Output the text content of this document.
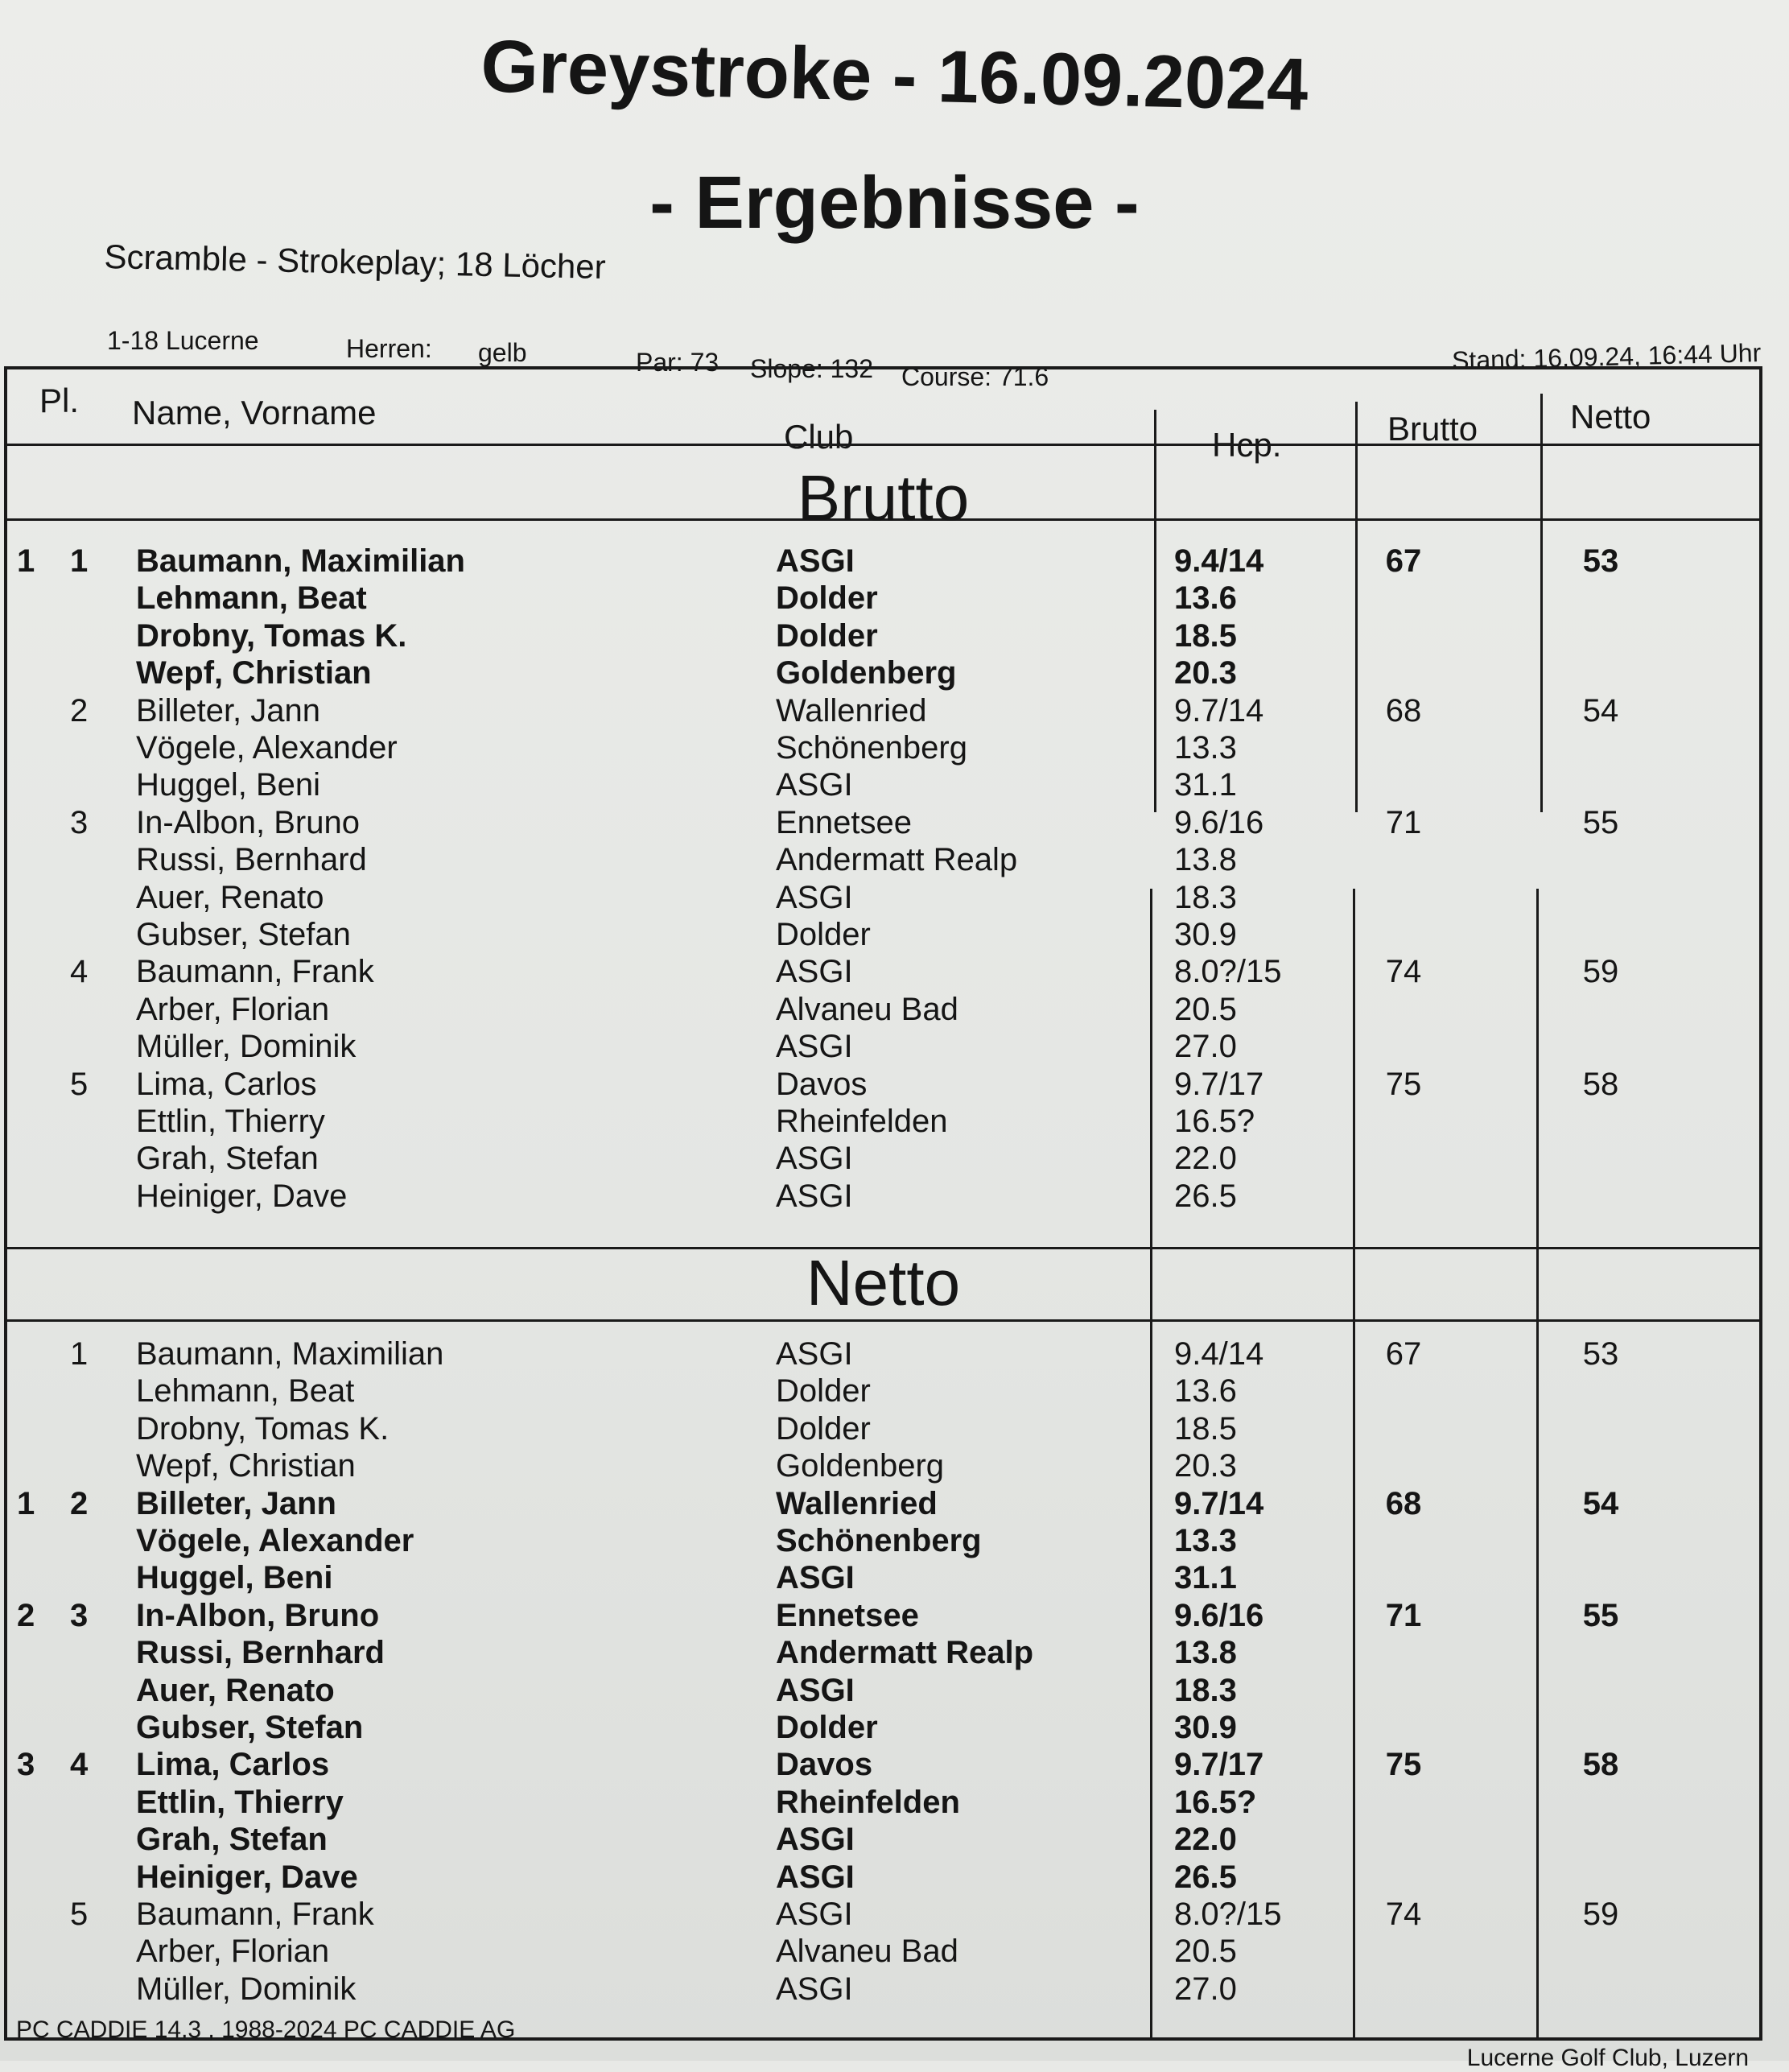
Greystroke - 16.09.2024
- Ergebnisse -
Scramble - Strokeplay; 18 Löcher
1-18 Lucerne	Herren: gelb	Par: 73 Slope: 132 Course: 71.6
Stand: 16.09.24, 16:44 Uhr
Pl. Name, Vorname
Club	Hcp.	Brutto	Netto
Brutto
1 1 Baumann, Maximilian	ASGI	9.4/14	67	53
Lehmann, Beat	Dolder	13.6
Drobny, Tomas K.	Dolder	18.5
Wepf, Christian	Goldenberg	20.3
2 Billeter, Jann	Wallenried	9.7/14	68	54
Vögele, Alexander	Schönenberg	13.3
Huggel, Beni	ASGI	31.1
3 In-Albon, Bruno	Ennetsee	9.6/16	71	55
Russi, Bernhard	Andermatt Realp	13.8
Auer, Renato	ASGI	18.3
Gubser, Stefan	Dolder	30.9
4 Baumann, Frank	ASGI	8.0?/15	74	59
Arber, Florian	Alvaneu Bad	20.5
Müller, Dominik	ASGI	27.0
5 Lima, Carlos	Davos	9.7/17	75	58
Ettlin, Thierry	Rheinfelden	16.5?
Grah, Stefan	ASGI	22.0
Heiniger, Dave	ASGI	26.5
Netto
1 Baumann, Maximilian	ASGI	9.4/14	67	53
Lehmann, Beat	Dolder	13.6
Drobny, Tomas K.	Dolder	18.5
Wepf, Christian	Goldenberg	20.3
1 2 Billeter, Jann	Wallenried	9.7/14	68	54
Vögele, Alexander	Schönenberg	13.3
Huggel, Beni	ASGI	31.1
2 3 In-Albon, Bruno	Ennetsee	9.6/16	71	55
Russi, Bernhard	Andermatt Realp	13.8
Auer, Renato	ASGI	18.3
Gubser, Stefan	Dolder	30.9
3 4 Lima, Carlos	Davos	9.7/17	75	58
Ettlin, Thierry	Rheinfelden	16.5?
Grah, Stefan	ASGI	22.0
Heiniger, Dave	ASGI	26.5
5 Baumann, Frank	ASGI	8.0?/15	74	59
Arber, Florian	Alvaneu Bad	20.5
Müller, Dominik	ASGI	27.0
PC CADDIE 14.3 , 1988-2024 PC CADDIE AG
Lucerne Golf Club, Luzern
